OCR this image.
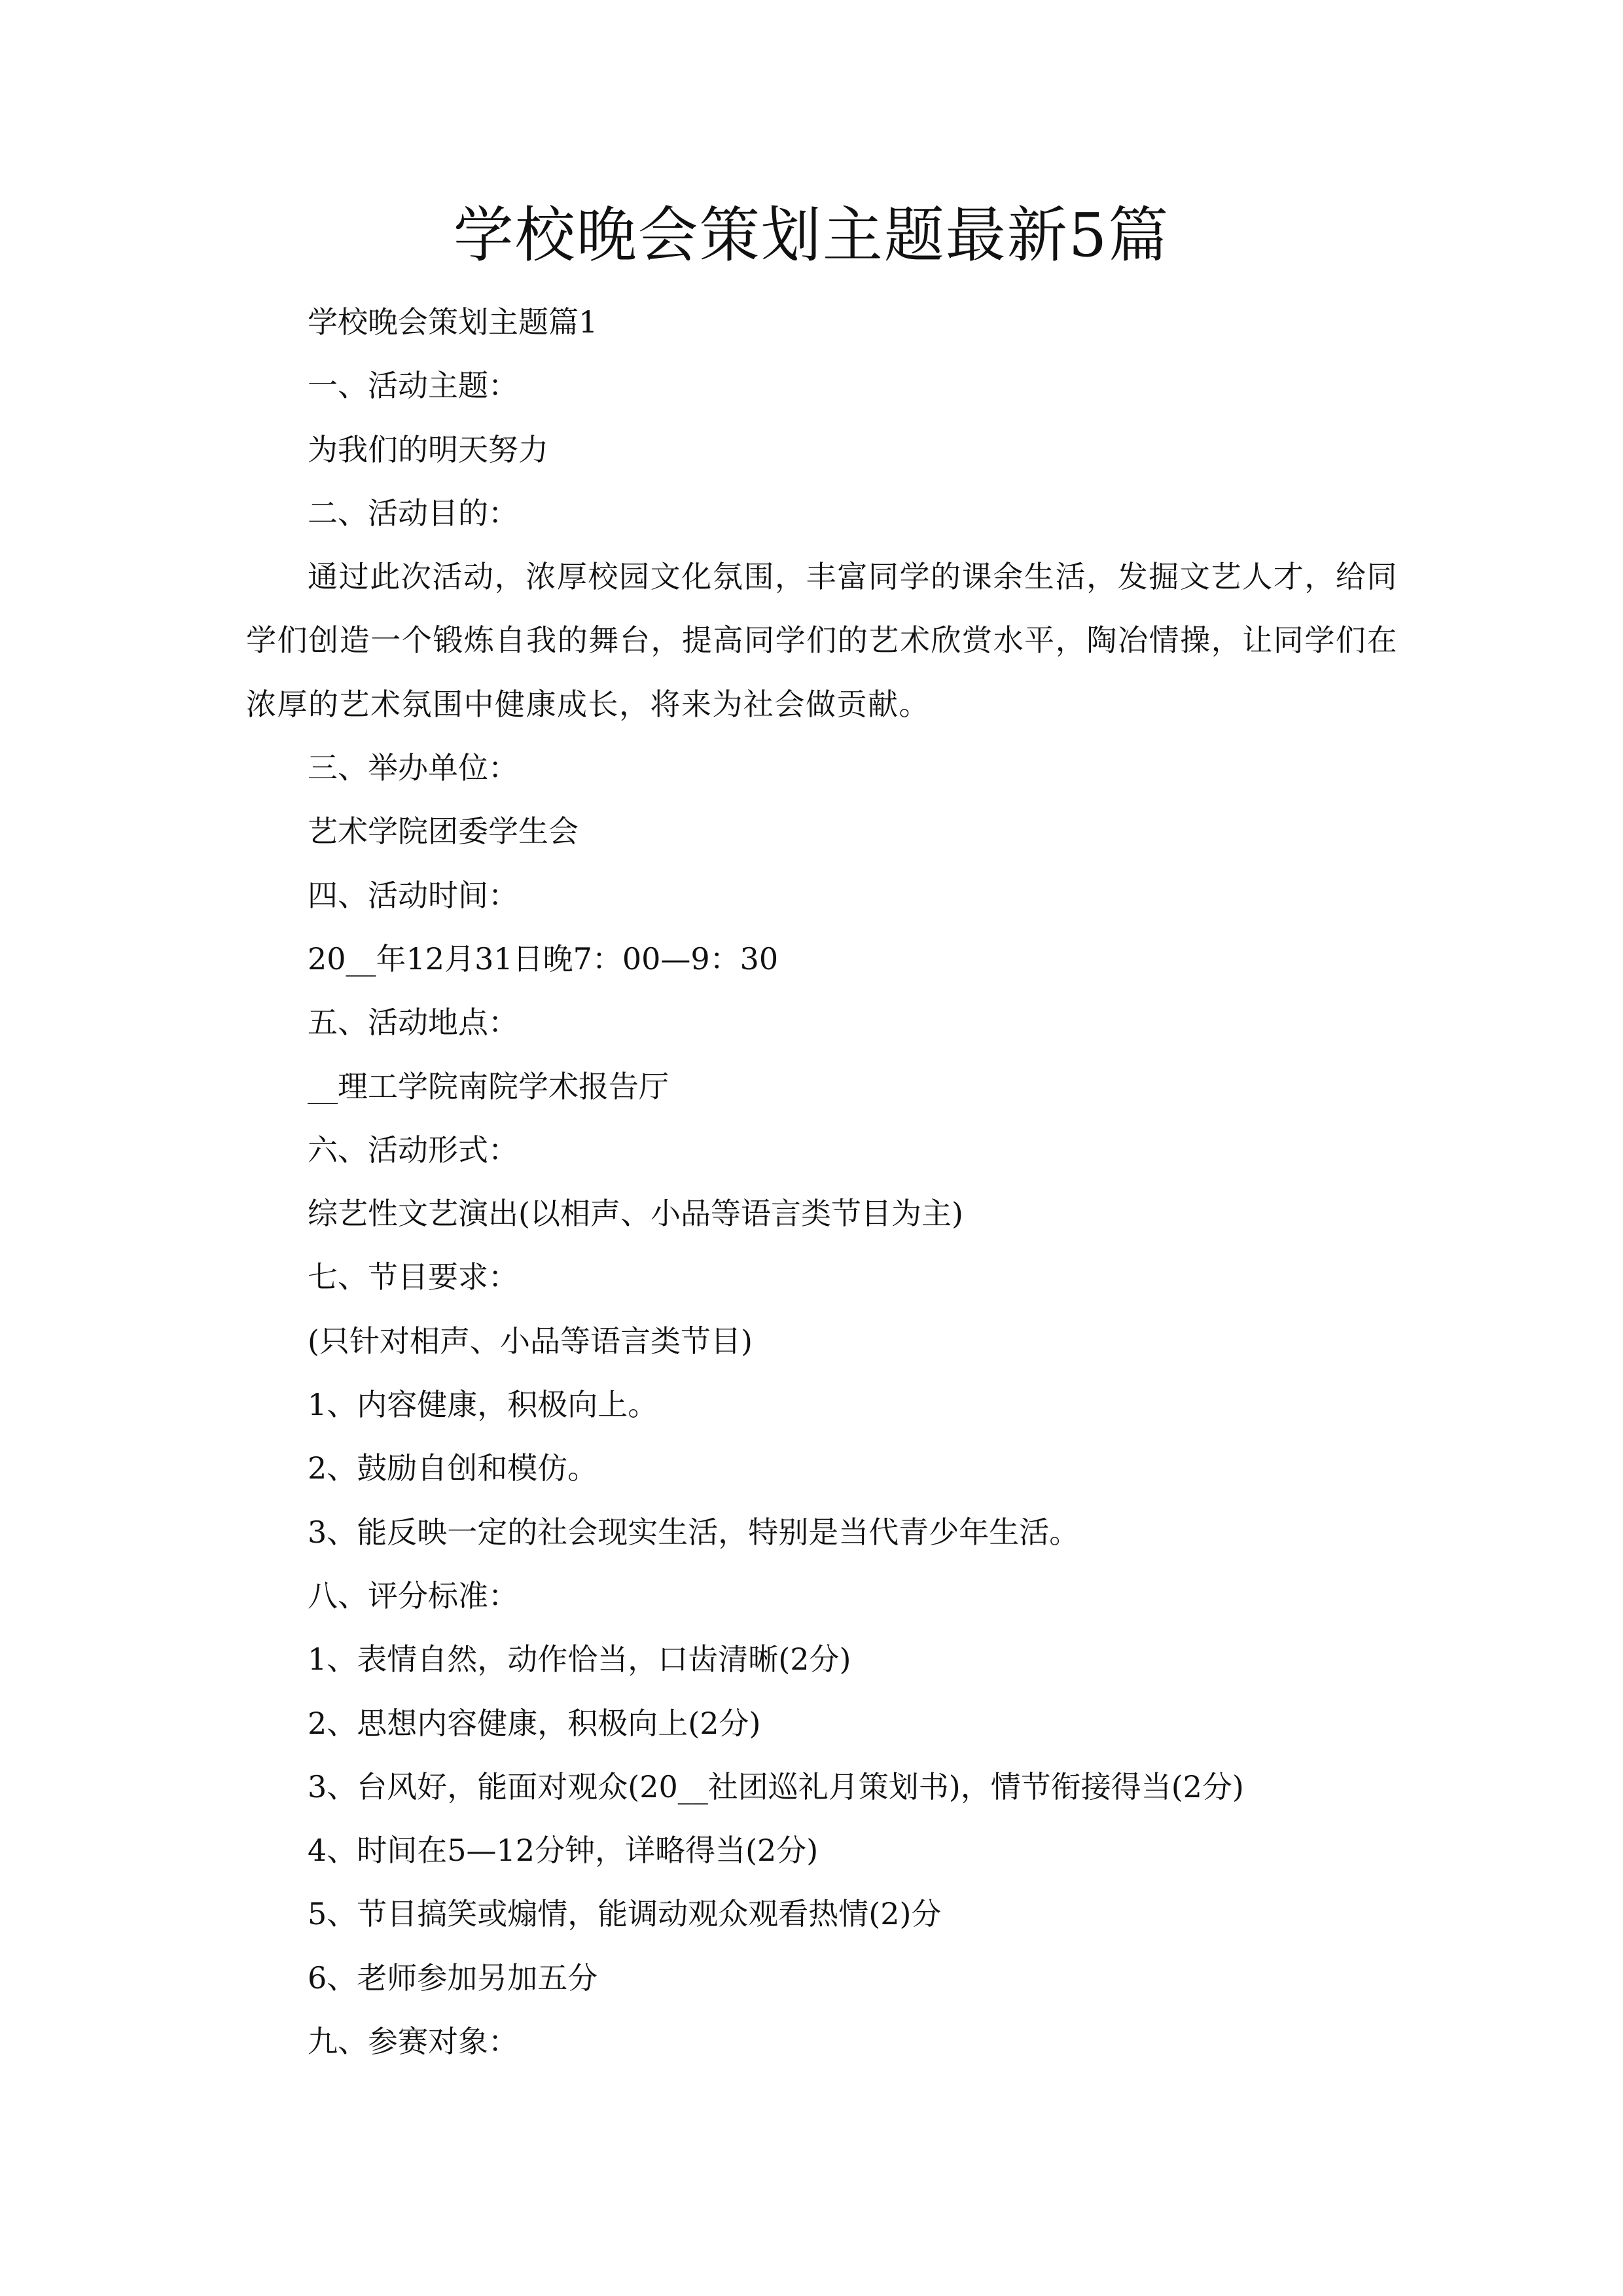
学校晚会策划主题最新5篇

学校晚会策划主题篇1

一、活动主题：

为我们的明天努力

二、活动目的：

通过此次活动，浓厚校园文化氛围，丰富同学的课余生活，发掘文艺人才，给同学们创造一个锻炼自我的舞台，提高同学们的艺术欣赏水平，陶冶情操，让同学们在浓厚的艺术氛围中健康成长，将来为社会做贡献。

三、举办单位：

艺术学院团委学生会

四、活动时间：

20__年12月31日晚7：00—9：30

五、活动地点：

__理工学院南院学术报告厅

六、活动形式：

综艺性文艺演出(以相声、小品等语言类节目为主)

七、节目要求：

(只针对相声、小品等语言类节目)

1、内容健康，积极向上。

2、鼓励自创和模仿。

3、能反映一定的社会现实生活，特别是当代青少年生活。

八、评分标准：

1、表情自然，动作恰当，口齿清晰(2分)

2、思想内容健康，积极向上(2分)

3、台风好，能面对观众(20__社团巡礼月策划书)，情节衔接得当(2分)

4、时间在5—12分钟，详略得当(2分)

5、节目搞笑或煽情，能调动观众观看热情(2)分

6、老师参加另加五分

九、参赛对象：
